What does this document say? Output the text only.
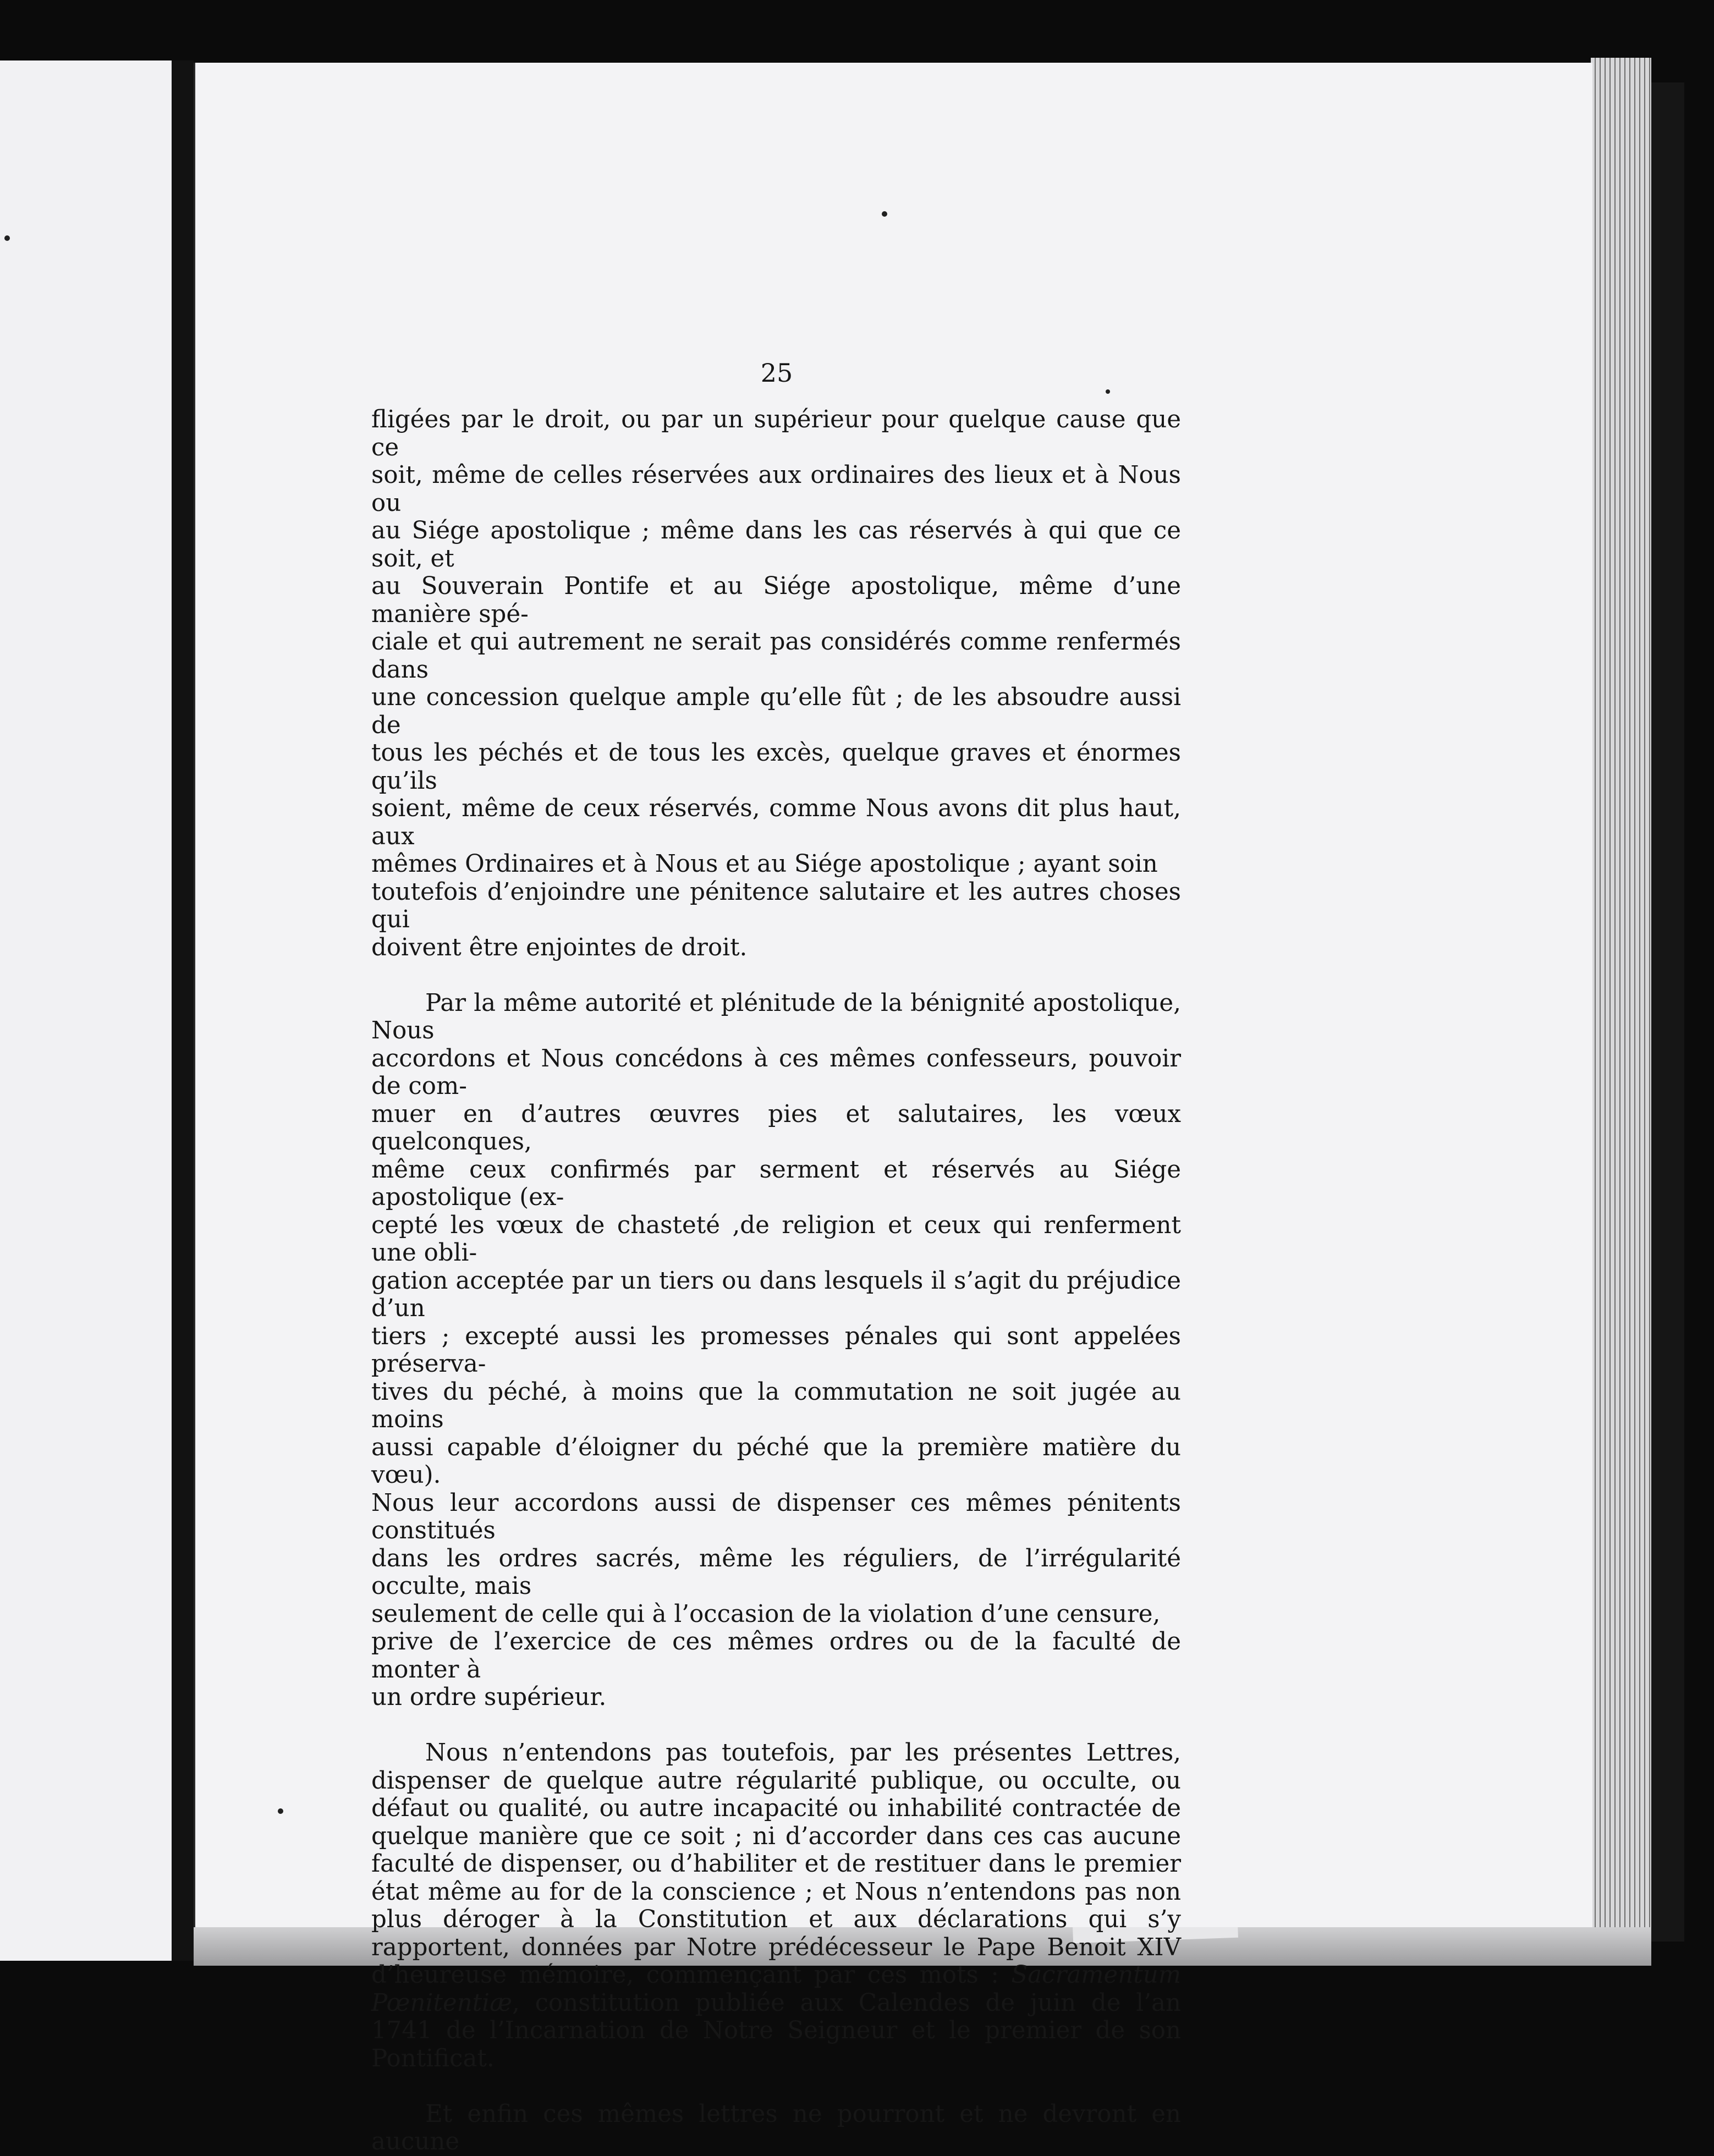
25
fligées par le droit, ou par un supérieur pour quelque cause que ce
soit, même de celles réservées aux ordinaires des lieux et à Nous ou
au Siége apostolique ; même dans les cas réservés à qui que ce soit, et
au Souverain Pontife et au Siége apostolique, même d’une manière spé-
ciale et qui autrement ne serait pas considérés comme renfermés dans
une concession quelque ample qu’elle fût ; de les absoudre aussi de
tous les péchés et de tous les excès, quelque graves et énormes qu’ils
soient, même de ceux réservés, comme Nous avons dit plus haut, aux
mêmes Ordinaires et à Nous et au Siége apostolique ; ayant soin
toutefois d’enjoindre une pénitence salutaire et les autres choses qui
doivent être enjointes de droit.
Par la même autorité et plénitude de la bénignité apostolique, Nous
accordons et Nous concédons à ces mêmes confesseurs, pouvoir de com-
muer en d’autres œuvres pies et salutaires, les vœux quelconques,
même ceux confirmés par serment et réservés au Siége apostolique (ex-
cepté les vœux de chasteté ,de religion et ceux qui renferment une obli-
gation acceptée par un tiers ou dans lesquels il s’agit du préjudice d’un
tiers ; excepté aussi les promesses pénales qui sont appelées préserva-
tives du péché, à moins que la commutation ne soit jugée au moins
aussi capable d’éloigner du péché que la première matière du vœu).
Nous leur accordons aussi de dispenser ces mêmes pénitents constitués
dans les ordres sacrés, même les réguliers, de l’irrégularité occulte, mais
seulement de celle qui à l’occasion de la violation d’une censure,
prive de l’exercice de ces mêmes ordres ou de la faculté de monter à
un ordre supérieur.

Nous n’entendons pas toutefois, par les présentes Lettres, dispenser de quelque autre régularité publique, ou occulte, ou défaut ou qualité, ou autre incapacité ou inhabilité contractée de quelque manière que ce soit ; ni d’accorder dans ces cas aucune faculté de dispenser, ou d’habiliter et de restituer dans le premier état même au for de la conscience ; et Nous n’entendons pas non plus déroger à la Constitution et aux déclarations qui s’y rapportent, données par Notre prédécesseur le Pape Benoit XIV d’heureuse mémoire, commençant par ces mots : Sacramentum Pœnitentiæ, constitution publiée aux Calendes de juin de l’an 1741 de l’Incarnation de Notre Seigneur et le premier de son Pontificat.

Et enfin ces mêmes lettres ne pourront et ne devront en aucune
